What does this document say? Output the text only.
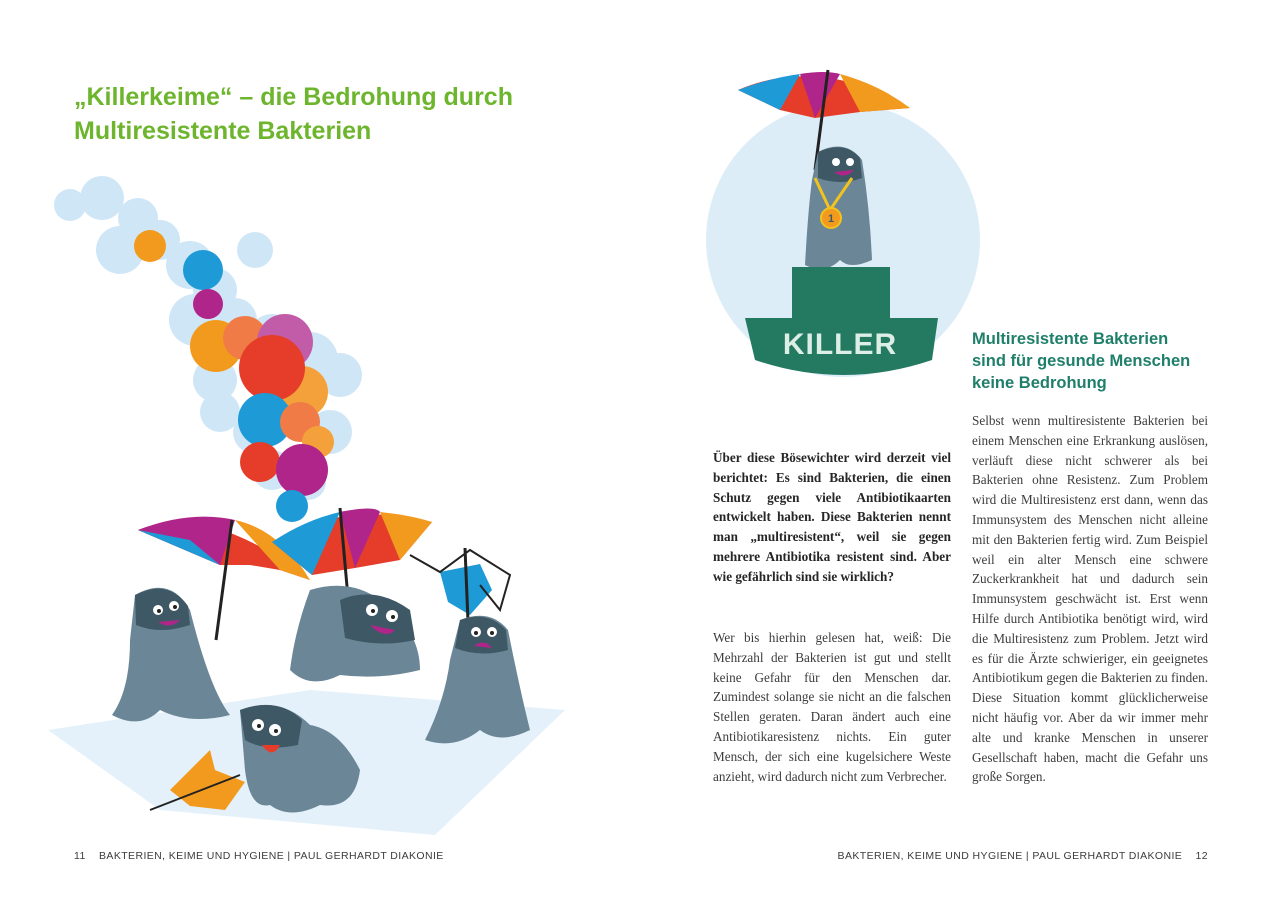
„Killerkeime“ – die Bedrohung durch
Multiresistente Bakterien
1
KILLER	Multiresistente Bakterien
sind für gesunde Menschen
keine Bedrohung

Über diese Bösewichter wird derzeit viel berichtet: Es sind Bakterien, die einen Schutz gegen viele Antibiotikaarten entwickelt haben. Diese Bakterien nennt man „multiresistent“, weil sie gegen mehrere Antibiotika resistent sind. Aber wie gefährlich sind sie wirklich?

Wer bis hierhin gelesen hat, weiß: Die Mehrzahl der Bakterien ist gut und stellt keine Gefahr für den Menschen dar. Zumindest solange sie nicht an die falschen Stellen geraten. Daran ändert auch eine Antibiotikaresistenz nichts. Ein guter Mensch, der sich eine kugelsichere Weste anzieht, wird dadurch nicht zum Verbrecher.

Selbst wenn multiresistente Bakterien bei einem Menschen eine Erkrankung auslösen, verläuft diese nicht schwerer als bei Bakterien ohne Resistenz. Zum Problem wird die Multiresistenz erst dann, wenn das Immunsystem des Menschen nicht alleine mit den Bakterien fertig wird. Zum Beispiel weil ein alter Mensch eine schwere Zuckerkrankheit hat und dadurch sein Immunsystem geschwächt ist. Erst wenn Hilfe durch Antibiotika benötigt wird, wird die Multiresistenz zum Problem. Jetzt wird es für die Ärzte schwieriger, ein geeignetes Antibiotikum gegen die Bakterien zu finden. Diese Situation kommt glücklicherweise nicht häufig vor. Aber da wir immer mehr alte und kranke Menschen in unserer Gesellschaft haben, macht die Gefahr uns große Sorgen.

11 BAKTERIEN, KEIME UND HYGIENE | PAUL GERHARDT DIAKONIE	BAKTERIEN, KEIME UND HYGIENE | PAUL GERHARDT DIAKONIE 12
